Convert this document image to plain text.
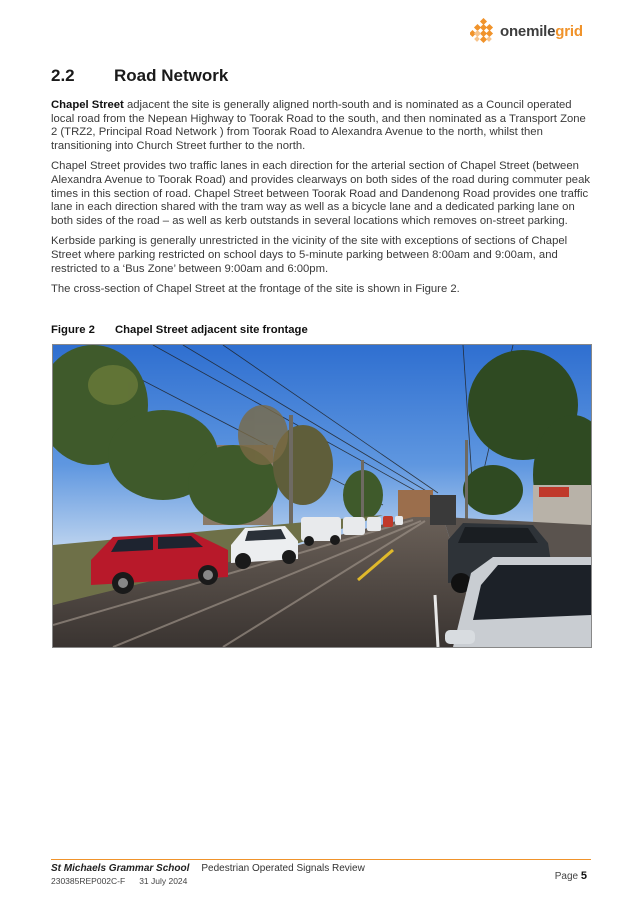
onemilegrid
2.2 Road Network

Chapel Street adjacent the site is generally aligned north-south and is nominated as a Council operated local road from the Nepean Highway to Toorak Road to the south, and then nominated as a Transport Zone 2 (TRZ2, Principal Road Network ) from Toorak Road to Alexandra Avenue to the north, whilst then transitioning into Church Street further to the north.

Chapel Street provides two traffic lanes in each direction for the arterial section of Chapel Street (between Alexandra Avenue to Toorak Road) and provides clearways on both sides of the road during commuter peak times in this section of road. Chapel Street between Toorak Road and Dandenong Road provides one traffic lane in each direction shared with the tram way as well as a bicycle lane and a dedicated parking lane on both sides of the road – as well as kerb outstands in several locations which removes on-street parking.

Kerbside parking is generally unrestricted in the vicinity of the site with exceptions of sections of Chapel Street where parking restricted on school days to 5-minute parking between 8:00am and 9:00am, and restricted to a ‘Bus Zone’ between 9:00am and 6:00pm.

The cross-section of Chapel Street at the frontage of the site is shown in Figure 2.

Figure 2 Chapel Street adjacent site frontage
St Michaels Grammar School Pedestrian Operated Signals Review
230385REP002C-F 31 July 2024	Page 5
